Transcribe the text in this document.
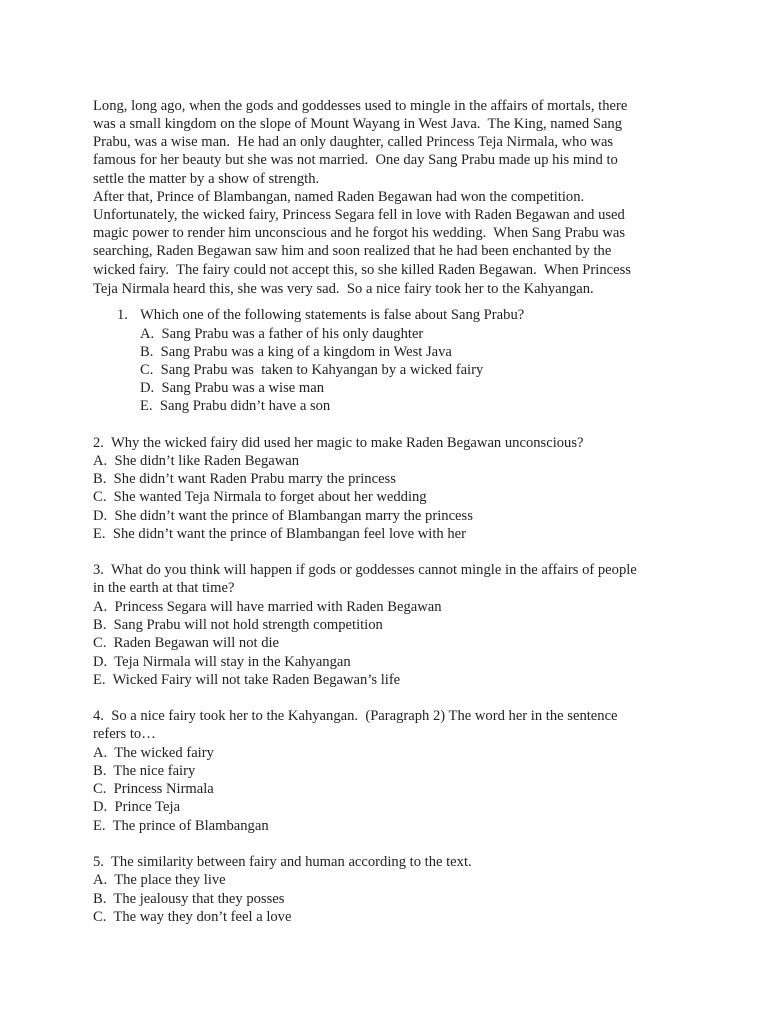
Long, long ago, when the gods and goddesses used to mingle in the affairs of mortals, there
was a small kingdom on the slope of Mount Wayang in West Java.  The King, named Sang
Prabu, was a wise man.  He had an only daughter, called Princess Teja Nirmala, who was
famous for her beauty but she was not married.  One day Sang Prabu made up his mind to
settle the matter by a show of strength.
After that, Prince of Blambangan, named Raden Begawan had won the competition.
Unfortunately, the wicked fairy, Princess Segara fell in love with Raden Begawan and used
magic power to render him unconscious and he forgot his wedding.  When Sang Prabu was
searching, Raden Begawan saw him and soon realized that he had been enchanted by the
wicked fairy.  The fairy could not accept this, so she killed Raden Begawan.  When Princess
Teja Nirmala heard this, she was very sad.  So a nice fairy took her to the Kahyangan.
1. Which one of the following statements is false about Sang Prabu?
A.  Sang Prabu was a father of his only daughter
B.  Sang Prabu was a king of a kingdom in West Java
C.  Sang Prabu was  taken to Kahyangan by a wicked fairy
D.  Sang Prabu was a wise man
E.  Sang Prabu didn’t have a son
2.  Why the wicked fairy did used her magic to make Raden Begawan unconscious?
A.  She didn’t like Raden Begawan
B.  She didn’t want Raden Prabu marry the princess
C.  She wanted Teja Nirmala to forget about her wedding
D.  She didn’t want the prince of Blambangan marry the princess
E.  She didn’t want the prince of Blambangan feel love with her
3.  What do you think will happen if gods or goddesses cannot mingle in the affairs of people
in the earth at that time?
A.  Princess Segara will have married with Raden Begawan
B.  Sang Prabu will not hold strength competition
C.  Raden Begawan will not die
D.  Teja Nirmala will stay in the Kahyangan
E.  Wicked Fairy will not take Raden Begawan’s life
4.  So a nice fairy took her to the Kahyangan.  (Paragraph 2) The word her in the sentence
refers to…
A.  The wicked fairy
B.  The nice fairy
C.  Princess Nirmala
D.  Prince Teja
E.  The prince of Blambangan
5.  The similarity between fairy and human according to the text.
A.  The place they live
B.  The jealousy that they posses
C.  The way they don’t feel a love
